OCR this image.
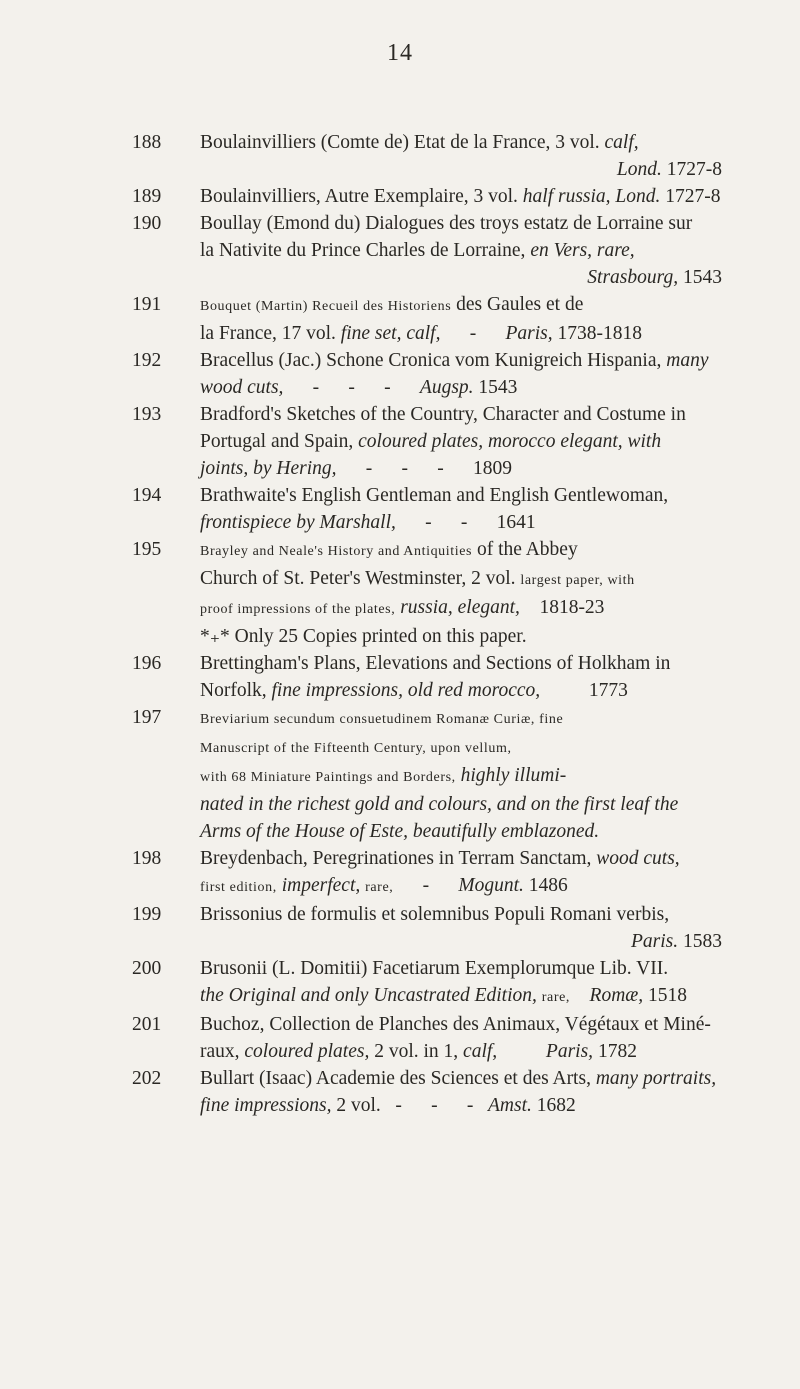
14
188	Boulainvilliers (Comte de) Etat de la France, 3 vol. calf,
Lond. 1727-8
189	Boulainvilliers, Autre Exemplaire, 3 vol. half russia, Lond. 1727-8
190	Boullay (Emond du) Dialogues des troys estatz de Lorraine sur
la Nativite du Prince Charles de Lorraine, en Vers, rare,
Strasbourg, 1543
191	Bouquet (Martin) Recueil des Historiens des Gaules et de
la France, 17 vol. fine set, calf,      -      Paris, 1738-1818
192	Bracellus (Jac.) Schone Cronica vom Kunigreich Hispania, many
wood cuts,      -      -      -      Augsp. 1543
193	Bradford's Sketches of the Country, Character and Costume in
Portugal and Spain, coloured plates, morocco elegant, with
joints, by Hering,      -      -      -      1809
194	Brathwaite's English Gentleman and English Gentlewoman,
frontispiece by Marshall,      -      -      1641
195	Brayley and Neale's History and Antiquities of the Abbey
Church of St. Peter's Westminster, 2 vol. largest paper, with
proof impressions of the plates, russia, elegant,    1818-23
*₊* Only 25 Copies printed on this paper.
196	Brettingham's Plans, Elevations and Sections of Holkham in
Norfolk, fine impressions, old red morocco,          1773
197	Breviarium secundum consuetudinem Romanæ Curiæ, fine
Manuscript of the Fifteenth Century, upon vellum,
with 68 Miniature Paintings and Borders, highly illumi-
nated in the richest gold and colours, and on the first leaf the
Arms of the House of Este, beautifully emblazoned.
198	Breydenbach, Peregrinationes in Terram Sanctam, wood cuts,
first edition, imperfect, rare,      -      Mogunt. 1486
199	Brissonius de formulis et solemnibus Populi Romani verbis,
Paris. 1583
200	Brusonii (L. Domitii) Facetiarum Exemplorumque Lib. VII.
the Original and only Uncastrated Edition, rare, Romæ, 1518
201	Buchoz, Collection de Planches des Animaux, Végétaux et Miné-
raux, coloured plates, 2 vol. in 1, calf,	Paris, 1782
202	Bullart (Isaac) Academie des Sciences et des Arts, many portraits,
fine impressions, 2 vol.   -      -      -   Amst. 1682
